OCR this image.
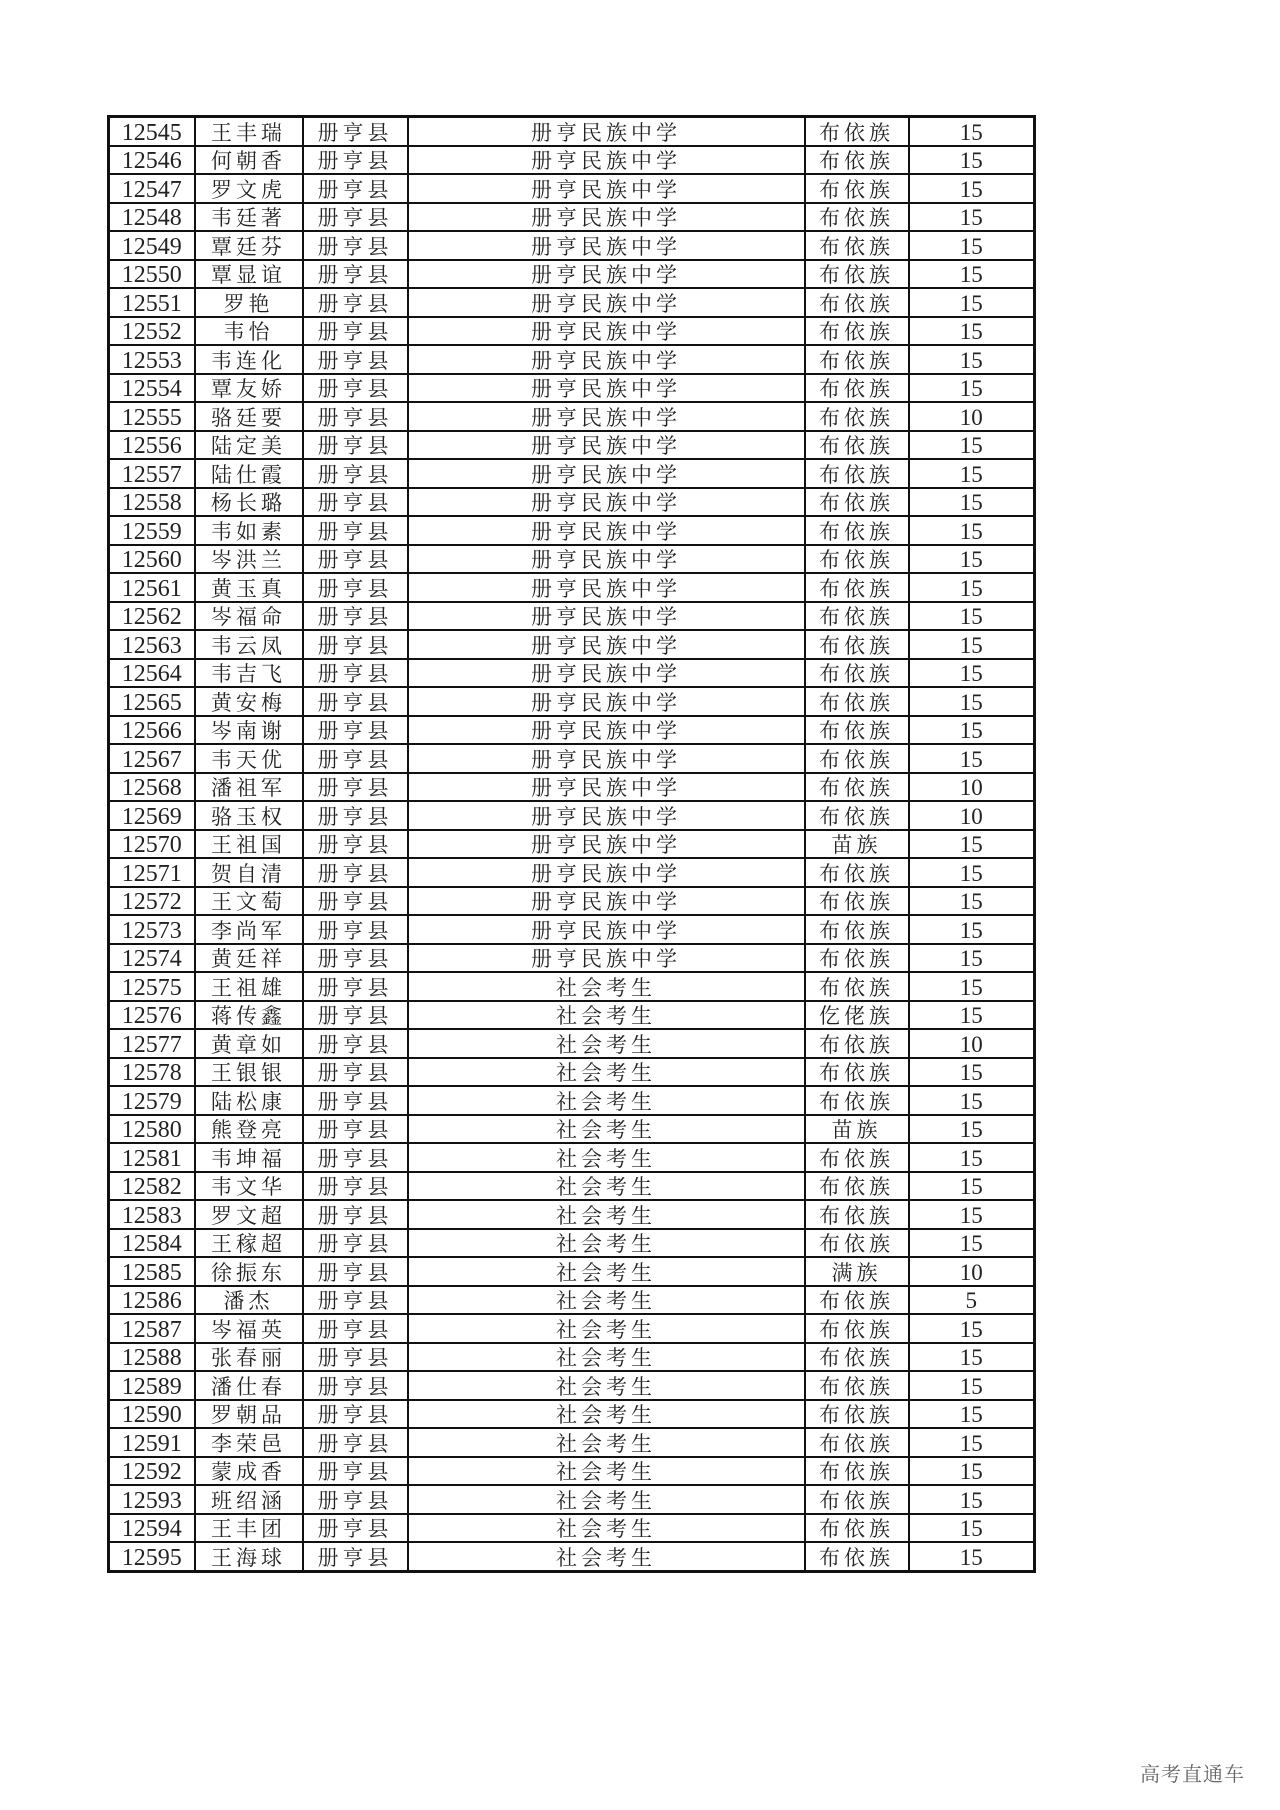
12545	王丰瑞	册亨县	册亨民族中学	布依族	15
12546	何朝香	册亨县	册亨民族中学	布依族	15
12547	罗文虎	册亨县	册亨民族中学	布依族	15
12548	韦廷著	册亨县	册亨民族中学	布依族	15
12549	覃廷芬	册亨县	册亨民族中学	布依族	15
12550	覃显谊	册亨县	册亨民族中学	布依族	15
12551	罗艳	册亨县	册亨民族中学	布依族	15
12552	韦怡	册亨县	册亨民族中学	布依族	15
12553	韦连化	册亨县	册亨民族中学	布依族	15
12554	覃友娇	册亨县	册亨民族中学	布依族	15
12555	骆廷要	册亨县	册亨民族中学	布依族	10
12556	陆定美	册亨县	册亨民族中学	布依族	15
12557	陆仕霞	册亨县	册亨民族中学	布依族	15
12558	杨长璐	册亨县	册亨民族中学	布依族	15
12559	韦如素	册亨县	册亨民族中学	布依族	15
12560	岑洪兰	册亨县	册亨民族中学	布依族	15
12561	黄玉真	册亨县	册亨民族中学	布依族	15
12562	岑福命	册亨县	册亨民族中学	布依族	15
12563	韦云凤	册亨县	册亨民族中学	布依族	15
12564	韦吉飞	册亨县	册亨民族中学	布依族	15
12565	黄安梅	册亨县	册亨民族中学	布依族	15
12566	岑南谢	册亨县	册亨民族中学	布依族	15
12567	韦天优	册亨县	册亨民族中学	布依族	15
12568	潘祖军	册亨县	册亨民族中学	布依族	10
12569	骆玉权	册亨县	册亨民族中学	布依族	10
12570	王祖国	册亨县	册亨民族中学	苗族	15
12571	贺自清	册亨县	册亨民族中学	布依族	15
12572	王文萄	册亨县	册亨民族中学	布依族	15
12573	李尚军	册亨县	册亨民族中学	布依族	15
12574	黄廷祥	册亨县	册亨民族中学	布依族	15
12575	王祖雄	册亨县	社会考生	布依族	15
12576	蒋传鑫	册亨县	社会考生	仡佬族	15
12577	黄章如	册亨县	社会考生	布依族	10
12578	王银银	册亨县	社会考生	布依族	15
12579	陆松康	册亨县	社会考生	布依族	15
12580	熊登亮	册亨县	社会考生	苗族	15
12581	韦坤福	册亨县	社会考生	布依族	15
12582	韦文华	册亨县	社会考生	布依族	15
12583	罗文超	册亨县	社会考生	布依族	15
12584	王稼超	册亨县	社会考生	布依族	15
12585	徐振东	册亨县	社会考生	满族	10
12586	潘杰	册亨县	社会考生	布依族	5
12587	岑福英	册亨县	社会考生	布依族	15
12588	张春丽	册亨县	社会考生	布依族	15
12589	潘仕春	册亨县	社会考生	布依族	15
12590	罗朝品	册亨县	社会考生	布依族	15
12591	李荣邑	册亨县	社会考生	布依族	15
12592	蒙成香	册亨县	社会考生	布依族	15
12593	班绍涵	册亨县	社会考生	布依族	15
12594	王丰团	册亨县	社会考生	布依族	15
12595	王海球	册亨县	社会考生	布依族	15
高考直通车
